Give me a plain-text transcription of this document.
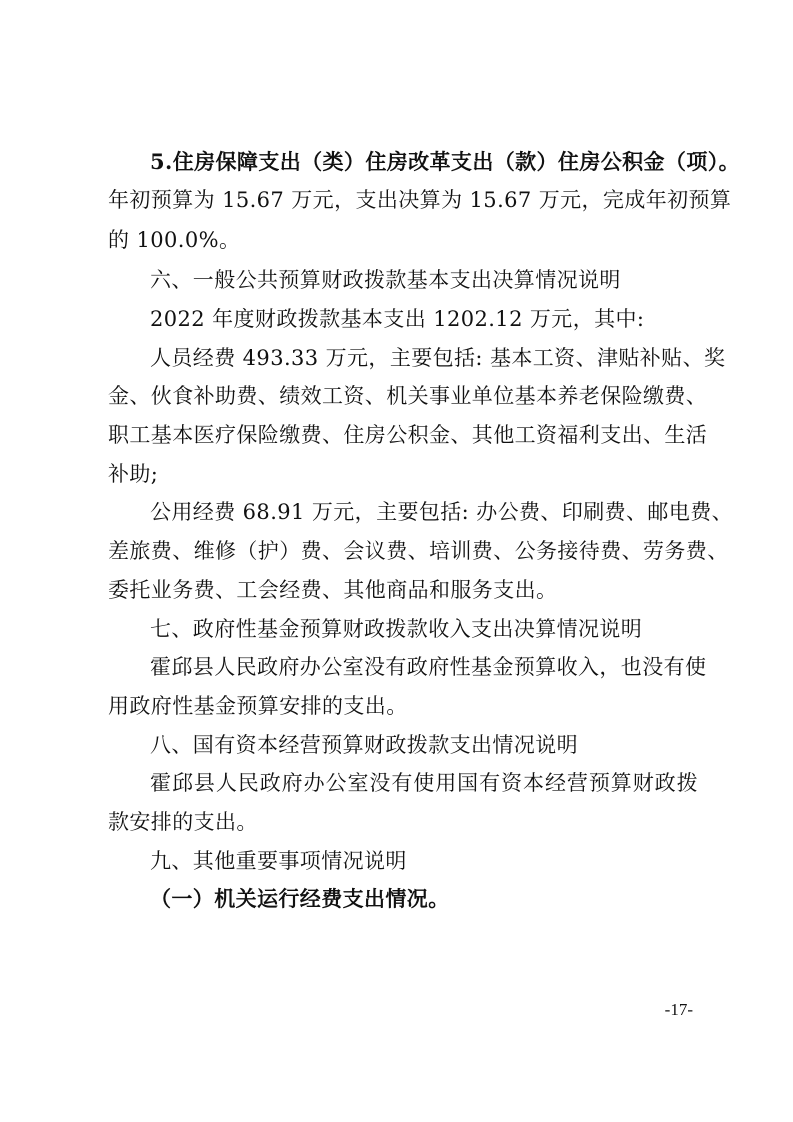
5.住房保障支出（类）住房改革支出（款）住房公积金（项）。
年初预算为 15.67 万元，支出决算为 15.67 万元，完成年初预算
的 100.0%。
六、一般公共预算财政拨款基本支出决算情况说明
2022 年度财政拨款基本支出 1202.12 万元，其中:
人员经费 493.33 万元，主要包括: 基本工资、津贴补贴、奖
金、伙食补助费、绩效工资、机关事业单位基本养老保险缴费、
职工基本医疗保险缴费、住房公积金、其他工资福利支出、生活
补助;
公用经费 68.91 万元，主要包括: 办公费、印刷费、邮电费、
差旅费、维修（护）费、会议费、培训费、公务接待费、劳务费、
委托业务费、工会经费、其他商品和服务支出。
七、政府性基金预算财政拨款收入支出决算情况说明
霍邱县人民政府办公室没有政府性基金预算收入，也没有使
用政府性基金预算安排的支出。
八、国有资本经营预算财政拨款支出情况说明
霍邱县人民政府办公室没有使用国有资本经营预算财政拨
款安排的支出。
九、其他重要事项情况说明
（一）机关运行经费支出情况。
-17-
